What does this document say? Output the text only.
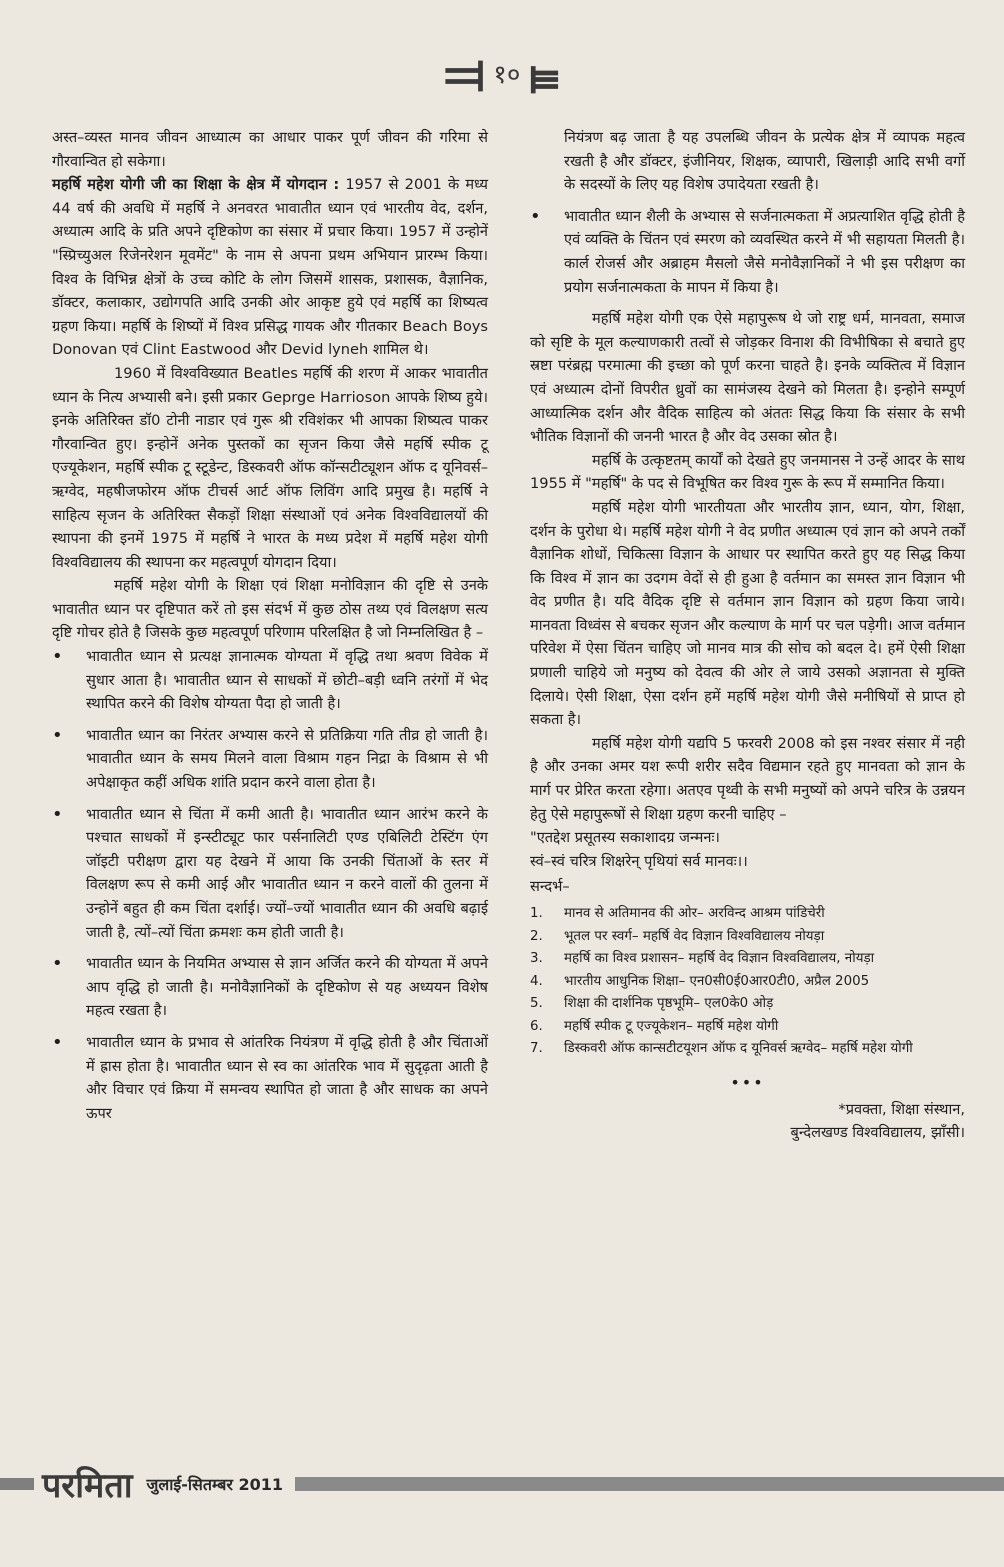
⫤ १० ⫢

अस्त–व्यस्त मानव जीवन आध्यात्म का आधार पाकर पूर्ण जीवन की गरिमा से गौरवान्वित हो सकेगा।

महर्षि महेश योगी जी का शिक्षा के क्षेत्र में योगदान : 1957 से 2001 के मध्य 44 वर्ष की अवधि में महर्षि ने अनवरत भावातीत ध्यान एवं भारतीय वेद, दर्शन, अध्यात्म आदि के प्रति अपने दृष्टिकोण का संसार में प्रचार किया। 1957 में उन्होनें "स्प्रिच्युअल रिजेनरेशन मूवमेंट" के नाम से अपना प्रथम अभियान प्रारम्भ किया। विश्व के विभिन्न क्षेत्रों के उच्च कोटि के लोग जिसमें शासक, प्रशासक, वैज्ञानिक, डॉक्टर, कलाकार, उद्योगपति आदि उनकी ओर आकृष्ट हुये एवं महर्षि का शिष्यत्व ग्रहण किया। महर्षि के शिष्यों में विश्व प्रसिद्ध गायक और गीतकार Beach Boys Donovan एवं Clint Eastwood और Devid lyneh शामिल थे।

1960 में विश्वविख्यात Beatles महर्षि की शरण में आकर भावातीत ध्यान के नित्य अभ्यासी बने। इसी प्रकार Geprge Harrioson आपके शिष्य हुये। इनके अतिरिक्त डॉ0 टोनी नाडार एवं गुरू श्री रविशंकर भी आपका शिष्यत्व पाकर गौरवान्वित हुए। इन्होनें अनेक पुस्तकों का सृजन किया जैसे महर्षि स्पीक टू एज्यूकेशन, महर्षि स्पीक टू स्टूडेन्ट, डिस्कवरी ऑफ कॉन्सटीट्यूशन ऑफ द यूनिवर्स– ऋग्वेद, महषीजफोरम ऑफ टीचर्स आर्ट ऑफ लिविंग आदि प्रमुख है। महर्षि ने साहित्य सृजन के अतिरिक्त सैकड़ों शिक्षा संस्थाओं एवं अनेक विश्वविद्यालयों की स्थापना की इनमें 1975 में महर्षि ने भारत के मध्य प्रदेश में महर्षि महेश योगी विश्वविद्यालय की स्थापना कर महत्वपूर्ण योगदान दिया।

महर्षि महेश योगी के शिक्षा एवं शिक्षा मनोविज्ञान की दृष्टि से उनके भावातीत ध्यान पर दृष्टिपात करें तो इस संदर्भ में कुछ ठोस तथ्य एवं विलक्षण सत्य दृष्टि गोचर होते है जिसके कुछ महत्वपूर्ण परिणाम परिलक्षित है जो निम्नलिखित है –

• भावातीत ध्यान से प्रत्यक्ष ज्ञानात्मक योग्यता में वृद्धि तथा श्रवण विवेक में सुधार आता है। भावातीत ध्यान से साधकों में छोटी–बड़ी ध्वनि तरंगों में भेद स्थापित करने की विशेष योग्यता पैदा हो जाती है।
• भावातीत ध्यान का निरंतर अभ्यास करने से प्रतिक्रिया गति तीव्र हो जाती है। भावातीत ध्यान के समय मिलने वाला विश्राम गहन निद्रा के विश्राम से भी अपेक्षाकृत कहीं अधिक शांति प्रदान करने वाला होता है।
• भावातीत ध्यान से चिंता में कमी आती है। भावातीत ध्यान आरंभ करने के पश्चात साधकों में इन्स्टीट्यूट फार पर्सनालिटी एण्ड एबिलिटी टेस्टिंग एंग जॉइटी परीक्षण द्वारा यह देखने में आया कि उनकी चिंताओं के स्तर में विलक्षण रूप से कमी आई और भावातीत ध्यान न करने वालों की तुलना में उन्होनें बहुत ही कम चिंता दर्शाई। ज्यों–ज्यों भावातीत ध्यान की अवधि बढ़ाई जाती है, त्यों–त्यों चिंता क्रमशः कम होती जाती है।
• भावातीत ध्यान के नियमित अभ्यास से ज्ञान अर्जित करने की योग्यता में अपने आप वृद्धि हो जाती है। मनोवैज्ञानिकों के दृष्टिकोण से यह अध्ययन विशेष महत्व रखता है।
• भावातील ध्यान के प्रभाव से आंतरिक नियंत्रण में वृद्धि होती है और चिंताओं में ह्रास होता है। भावातीत ध्यान से स्व का आंतरिक भाव में सुदृढ़ता आती है और विचार एवं क्रिया में समन्वय स्थापित हो जाता है और साधक का अपने ऊपर

नियंत्रण बढ़ जाता है यह उपलब्धि जीवन के प्रत्येक क्षेत्र में व्यापक महत्व रखती है और डॉक्टर, इंजीनियर, शिक्षक, व्यापारी, खिलाड़ी आदि सभी वर्गो के सदस्यों के लिए यह विशेष उपादेयता रखती है।

• भावातीत ध्यान शैली के अभ्यास से सर्जनात्मकता में अप्रत्याशित वृद्धि होती है एवं व्यक्ति के चिंतन एवं स्मरण को व्यवस्थित करने में भी सहायता मिलती है। कार्ल रोजर्स और अब्राहम मैसलो जैसे मनोवैज्ञानिकों ने भी इस परीक्षण का प्रयोग सर्जनात्मकता के मापन में किया है।

महर्षि महेश योगी एक ऐसे महापुरूष थे जो राष्ट्र धर्म, मानवता, समाज को सृष्टि के मूल कल्याणकारी तत्वों से जोड़कर विनाश की विभीषिका से बचाते हुए स्रष्टा परंब्रह्म परमात्मा की इच्छा को पूर्ण करना चाहते है। इनके व्यक्तित्व में विज्ञान एवं अध्यात्म दोनों विपरीत ध्रुवों का सामंजस्य देखने को मिलता है। इन्होने सम्पूर्ण आध्यात्मिक दर्शन और वैदिक साहित्य को अंततः सिद्ध किया कि संसार के सभी भौतिक विज्ञानों की जननी भारत है और वेद उसका स्रोत है।

महर्षि के उत्कृष्टतम् कार्यों को देखते हुए जनमानस ने उन्हें आदर के साथ 1955 में "महर्षि" के पद से विभूषित कर विश्व गुरू के रूप में सम्मानित किया।

महर्षि महेश योगी भारतीयता और भारतीय ज्ञान, ध्यान, योग, शिक्षा, दर्शन के पुरोधा थे। महर्षि महेश योगी ने वेद प्रणीत अध्यात्म एवं ज्ञान को अपने तर्कों वैज्ञानिक शोधों, चिकित्सा विज्ञान के आधार पर स्थापित करते हुए यह सिद्ध किया कि विश्व में ज्ञान का उदगम वेदों से ही हुआ है वर्तमान का समस्त ज्ञान विज्ञान भी वेद प्रणीत है। यदि वैदिक दृष्टि से वर्तमान ज्ञान विज्ञान को ग्रहण किया जाये। मानवता विध्वंस से बचकर सृजन और कल्याण के मार्ग पर चल पड़ेगी। आज वर्तमान परिवेश में ऐसा चिंतन चाहिए जो मानव मात्र की सोच को बदल दे। हमें ऐसी शिक्षा प्रणाली चाहिये जो मनुष्य को देवत्व की ओर ले जाये उसको अज्ञानता से मुक्ति दिलाये। ऐसी शिक्षा, ऐसा दर्शन हमें महर्षि महेश योगी जैसे मनीषियों से प्राप्त हो सकता है।

महर्षि महेश योगी यद्यपि 5 फरवरी 2008 को इस नश्वर संसार में नही है और उनका अमर यश रूपी शरीर सदैव विद्यमान रहते हुए मानवता को ज्ञान के मार्ग पर प्रेरित करता रहेगा। अतएव पृथ्वी के सभी मनुष्यों को अपने चरित्र के उन्नयन हेतु ऐसे महापुरूषों से शिक्षा ग्रहण करनी चाहिए –

"एतद्देश प्रसूतस्य सकाशादग्र जन्मनः।

स्वं–स्वं चरित्र शिक्षरेन् पृथियां सर्व मानवः।।

सन्दर्भ–

1.	मानव से अतिमानव की ओर– अरविन्द आश्रम पांडिचेरी
2.	भूतल पर स्वर्ग– महर्षि वेद विज्ञान विश्वविद्यालय नोयड़ा
3.	महर्षि का विश्व प्रशासन– महर्षि वेद विज्ञान विश्वविद्यालय, नोयड़ा
4.	भारतीय आधुनिक शिक्षा– एन0सी0ई0आर0टी0, अप्रैल 2005
5.	शिक्षा की दार्शनिक पृष्ठभूमि– एल0के0 ओड़
6.	महर्षि स्पीक टू एज्यूकेशन– महर्षि महेश योगी
7.	डिस्कवरी ऑफ कान्सटीटयूशन ऑफ द यूनिवर्स ऋग्वेद– महर्षि महेश योगी
•••
*प्रवक्ता, शिक्षा संस्थान,
बुन्देलखण्ड विश्वविद्यालय, झाँसी।
परमिता जुलाई-सितम्बर 2011
